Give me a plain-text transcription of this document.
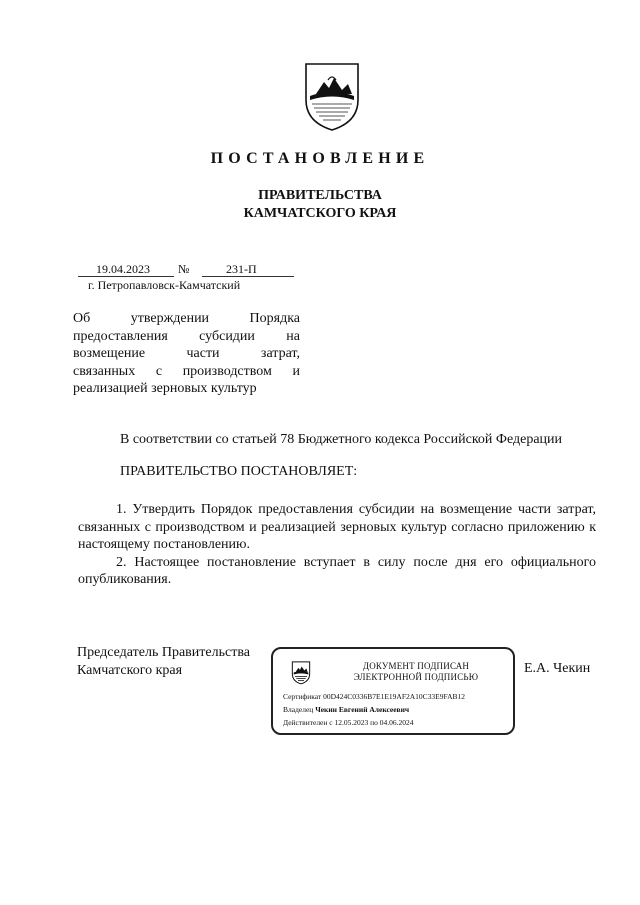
ПОСТАНОВЛЕНИЕ
ПРАВИТЕЛЬСТВА
КАМЧАТСКОГО КРАЯ
19.04.2023 №	231-П
г. Петропавловск-Камчатский
Об утверждении Порядка
предоставления субсидии на
возмещение части затрат,
связанных с производством и
реализацией зерновых культур
В соответствии со статьей 78 Бюджетного кодекса Российской Федерации
ПРАВИТЕЛЬСТВО ПОСТАНОВЛЯЕТ:

1. Утвердить Порядок предоставления субсидии на возмещение части затрат, связанных с производством и реализацией зерновых культур согласно приложению к настоящему постановлению.

2. Настоящее постановление вступает в силу после дня его официального опубликования.

Председатель Правительства
Камчатского края	Е.А. Чекин
ДОКУМЕНТ ПОДПИСАН
ЭЛЕКТРОННОЙ ПОДПИСЬЮ
Сертификат 00D424C0336B7E1E19AF2A10C33E9FAB12
Владелец Чекин Евгений Алексеевич
Действителен с 12.05.2023 по 04.06.2024
